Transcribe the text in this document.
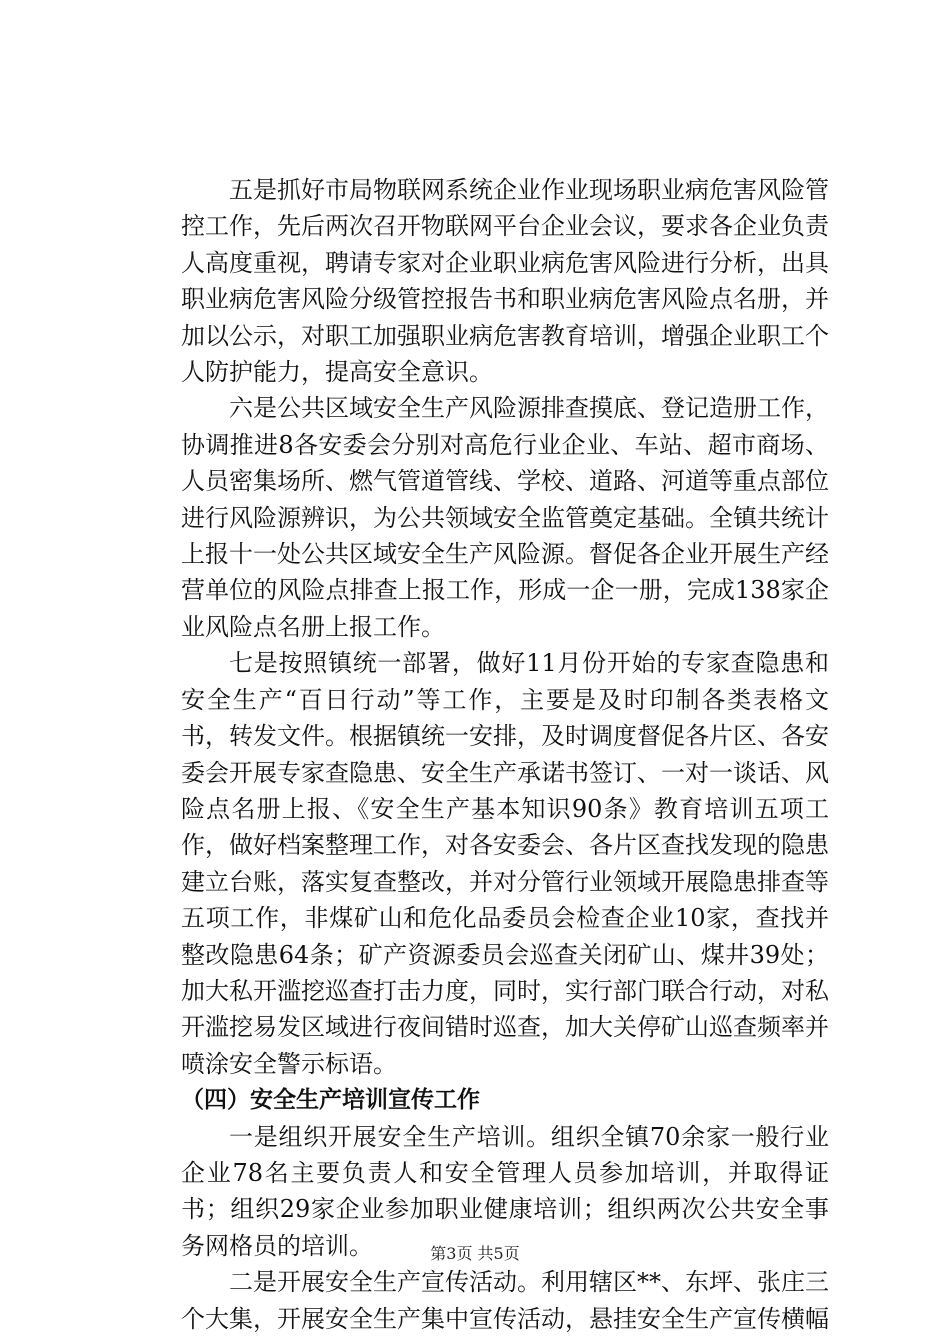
五是抓好市局物联网系统企业作业现场职业病危害风险管控工作，先后两次召开物联网平台企业会议，要求各企业负责人高度重视，聘请专家对企业职业病危害风险进行分析，出具职业病危害风险分级管控报告书和职业病危害风险点名册，并加以公示，对职工加强职业病危害教育培训，增强企业职工个人防护能力，提高安全意识。

六是公共区域安全生产风险源排查摸底、登记造册工作，协调推进8各安委会分别对高危行业企业、车站、超市商场、人员密集场所、燃气管道管线、学校、道路、河道等重点部位进行风险源辨识，为公共领域安全监管奠定基础。全镇共统计上报十一处公共区域安全生产风险源。督促各企业开展生产经营单位的风险点排查上报工作，形成一企一册，完成138家企业风险点名册上报工作。

七是按照镇统一部署，做好11月份开始的专家查隐患和安全生产“百日行动”等工作，主要是及时印制各类表格文书，转发文件。根据镇统一安排，及时调度督促各片区、各安委会开展专家查隐患、安全生产承诺书签订、一对一谈话、风险点名册上报、《安全生产基本知识90条》教育培训五项工作，做好档案整理工作，对各安委会、各片区查找发现的隐患建立台账，落实复查整改，并对分管行业领域开展隐患排查等五项工作，非煤矿山和危化品委员会检查企业10家，查找并整改隐患64条；矿产资源委员会巡查关闭矿山、煤井39处；加大私开滥挖巡查打击力度，同时，实行部门联合行动，对私开滥挖易发区域进行夜间错时巡查，加大关停矿山巡查频率并喷涂安全警示标语。

（四）安全生产培训宣传工作

一是组织开展安全生产培训。组织全镇70余家一般行业企业78名主要负责人和安全管理人员参加培训，并取得证书；组织29家企业参加职业健康培训；组织两次公共安全事务网格员的培训。

二是开展安全生产宣传活动。利用辖区**、东坪、张庄三个大集，开展安全生产集中宣传活动，悬挂安全生产宣传横幅

第3页 共5页
